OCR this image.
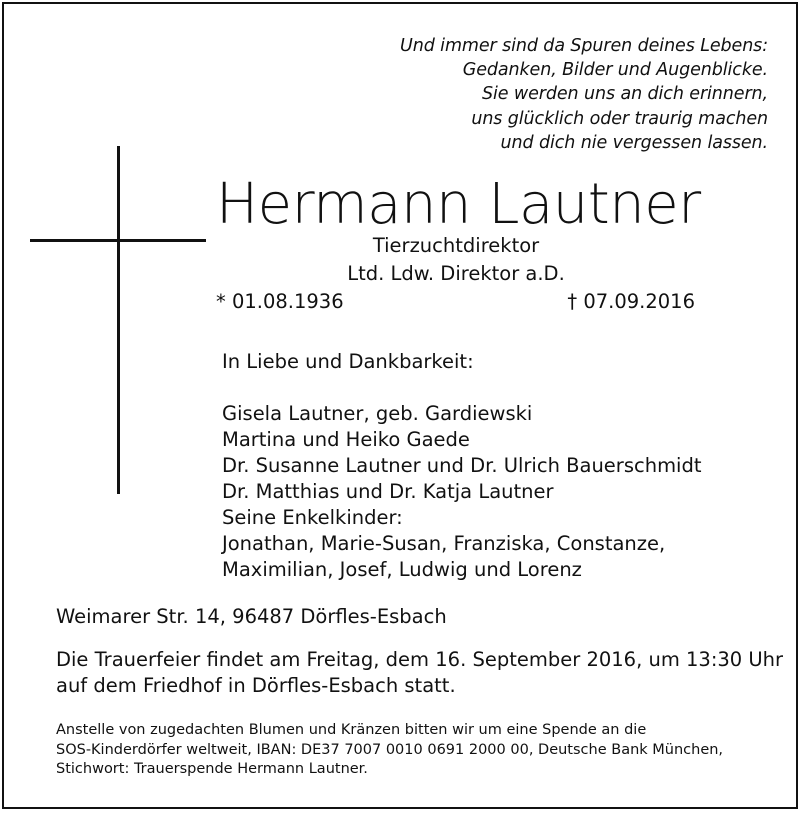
Und immer sind da Spuren deines Lebens:
Gedanken, Bilder und Augenblicke.
Sie werden uns an dich erinnern,
uns glücklich oder traurig machen
und dich nie vergessen lassen.
Hermann Lautner
Tierzuchtdirektor
Ltd. Ldw. Direktor a.D.
* 01.08.1936	† 07.09.2016
In Liebe und Dankbarkeit:
Gisela Lautner, geb. Gardiewski
Martina und Heiko Gaede
Dr. Susanne Lautner und Dr. Ulrich Bauerschmidt
Dr. Matthias und Dr. Katja Lautner
Seine Enkelkinder:
Jonathan, Marie-Susan, Franziska, Constanze,
Maximilian, Josef, Ludwig und Lorenz
Weimarer Str. 14, 96487 Dörfles-Esbach
Die Trauerfeier findet am Freitag, dem 16. September 2016, um 13:30 Uhr
auf dem Friedhof in Dörfles-Esbach statt.
Anstelle von zugedachten Blumen und Kränzen bitten wir um eine Spende an die
SOS-Kinderdörfer weltweit, IBAN: DE37 7007 0010 0691 2000 00, Deutsche Bank München,
Stichwort: Trauerspende Hermann Lautner.
